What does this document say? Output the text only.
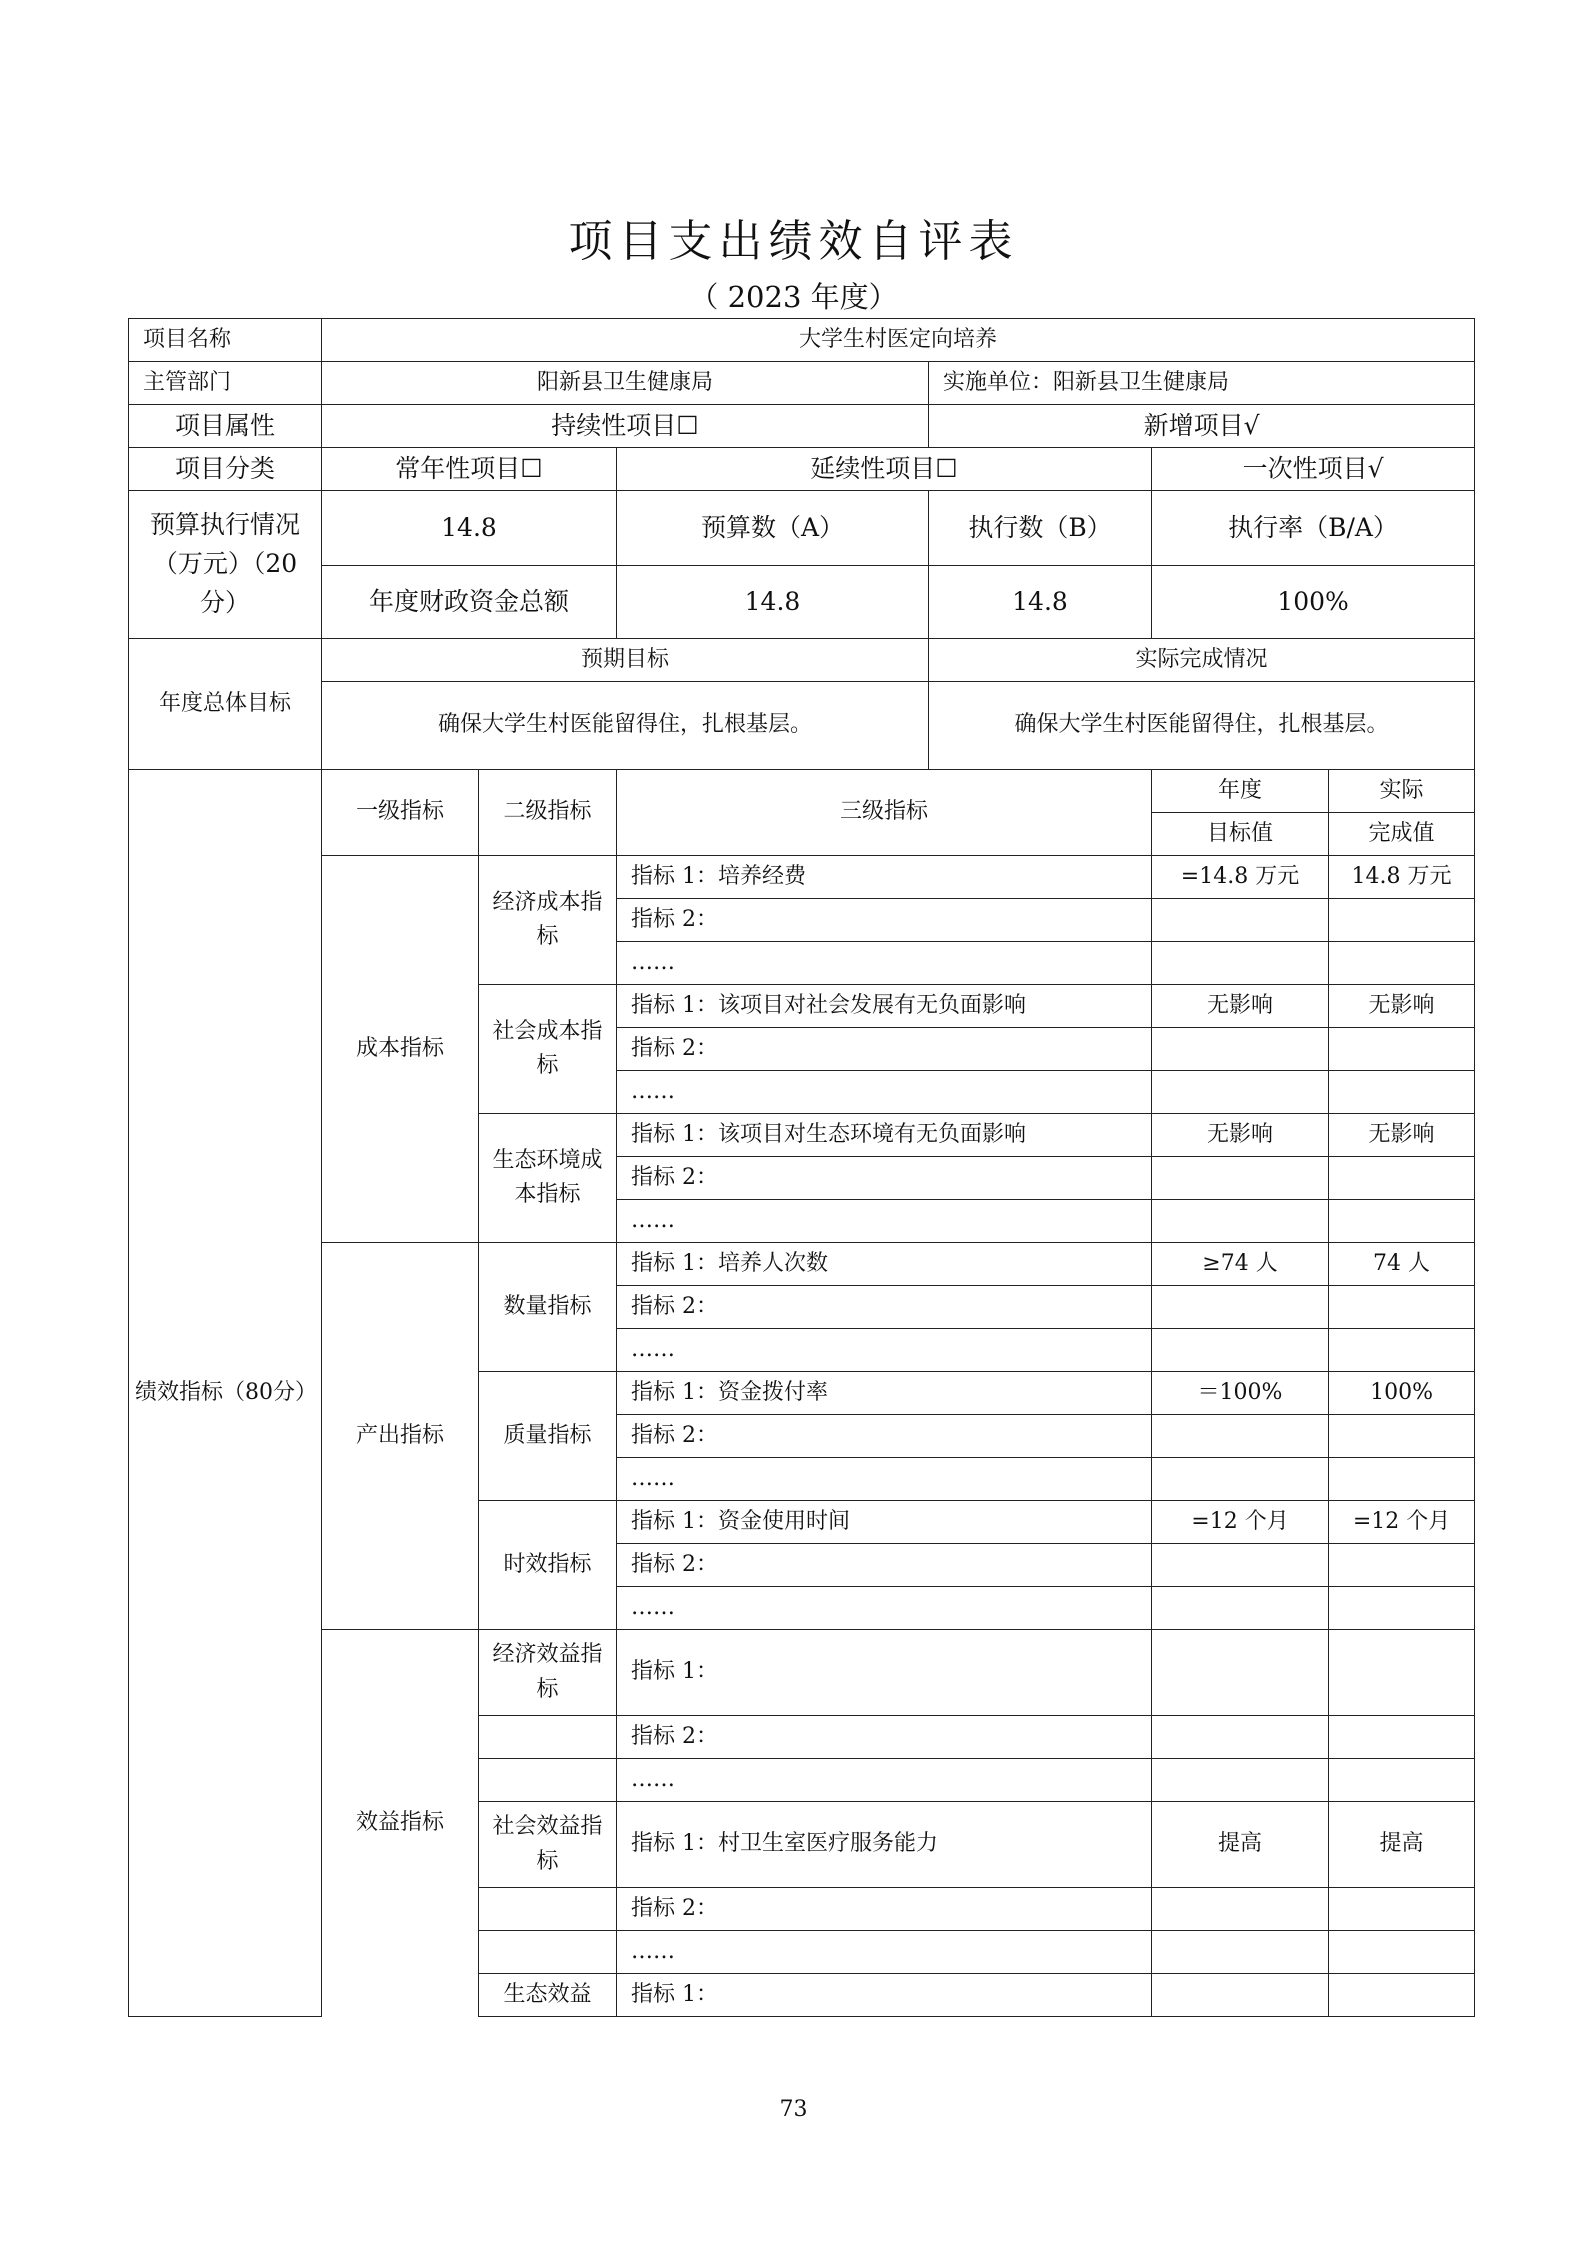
项目支出绩效自评表
（ 2023 年度）
项目名称	大学生村医定向培养					
主管部门	阳新县卫生健康局			实施单位：阳新县卫生健康局		
项目属性	持续性项目☐			新增项目√		
项目分类	常年性项目☐		延续性项目☐		一次性项目√	
预算执行情况（万元）（20分）	14.8		预算数（A）	执行数（B）	执行率（B/A）	
	年度财政资金总额		14.8	14.8	100%	
年度总体目标	预期目标			实际完成情况		
	确保大学生村医能留得住，扎根基层。			确保大学生村医能留得住，扎根基层。		
绩效指标（80分）	一级指标	二级指标	三级指标		年度	实际
					目标值	完成值
	成本指标	经济成本指标	指标 1：培养经费		=14.8 万元	14.8 万元
			指标 2：			
			……			
		社会成本指标	指标 1：该项目对社会发展有无负面影响		无影响	无影响
			指标 2：			
			……			
		生态环境成本指标	指标 1：该项目对生态环境有无负面影响		无影响	无影响
			指标 2：			
			……			
	产出指标	数量指标	指标 1：培养人次数		≥74 人	74 人
			指标 2：			
			……			
		质量指标	指标 1：资金拨付率		＝100%	100%
			指标 2：			
			……			
		时效指标	指标 1：资金使用时间		=12 个月	=12 个月
			指标 2：			
			……			
	效益指标	经济效益指标	指标 1：			
			指标 2：			
			……			
		社会效益指标	指标 1：村卫生室医疗服务能力		提高	提高
			指标 2：			
			……			
		生态效益	指标 1：			
73
